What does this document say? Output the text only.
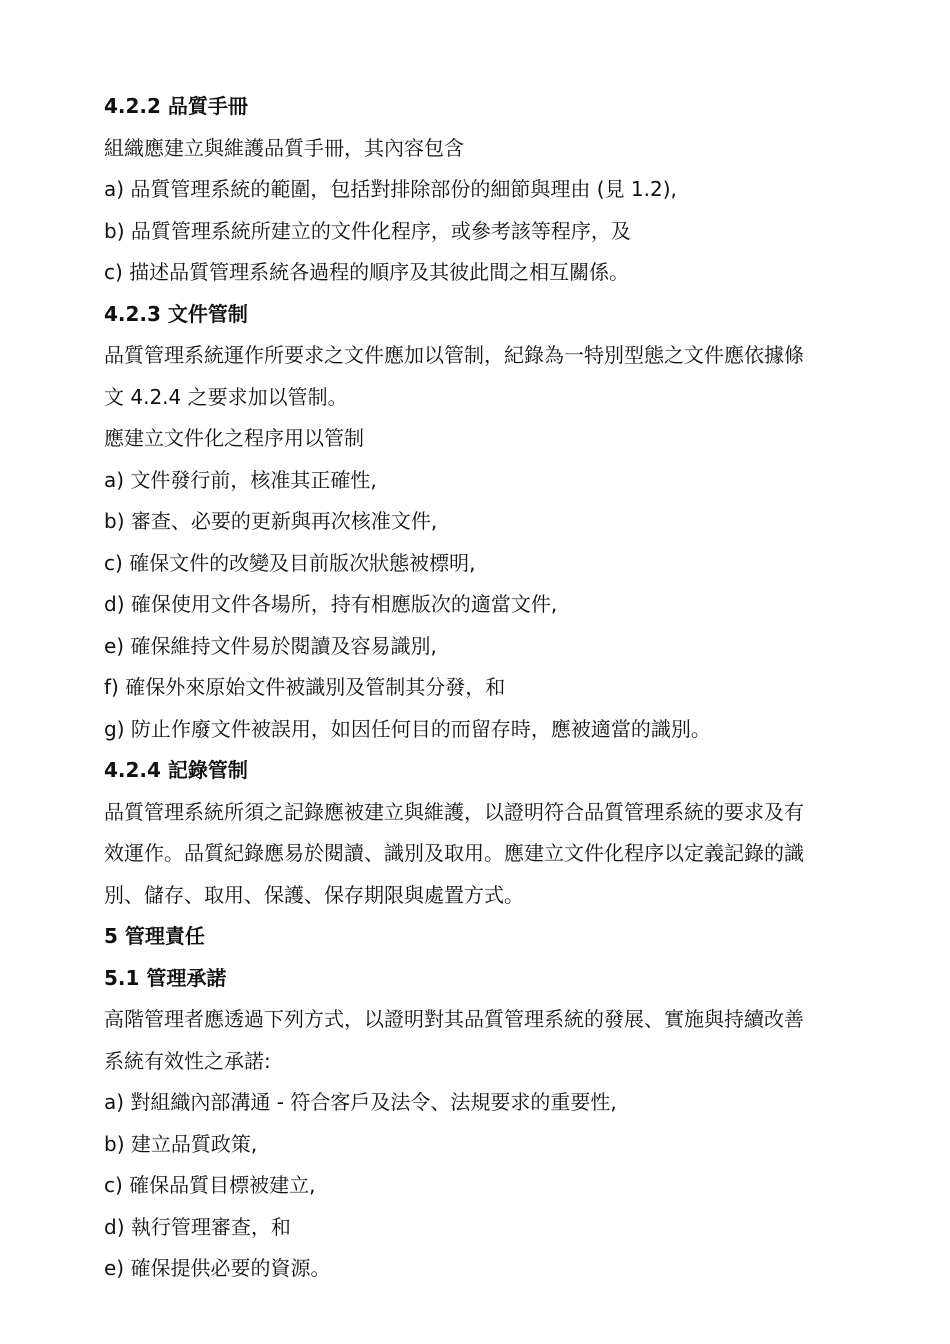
4.2.2 品質手冊
組織應建立與維護品質手冊，其內容包含
a) 品質管理系統的範圍，包括對排除部份的細節與理由 (見 1.2),
b) 品質管理系統所建立的文件化程序，或參考該等程序，及
c) 描述品質管理系統各過程的順序及其彼此間之相互關係。
4.2.3 文件管制
品質管理系統運作所要求之文件應加以管制，紀錄為一特別型態之文件應依據條
文 4.2.4 之要求加以管制。
應建立文件化之程序用以管制
a) 文件發行前，核准其正確性,
b) 審查、必要的更新與再次核准文件,
c) 確保文件的改變及目前版次狀態被標明,
d) 確保使用文件各場所，持有相應版次的適當文件,
e) 確保維持文件易於閱讀及容易識別,
f) 確保外來原始文件被識別及管制其分發，和
g) 防止作廢文件被誤用，如因任何目的而留存時，應被適當的識別。
4.2.4 記錄管制
品質管理系統所須之記錄應被建立與維護，以證明符合品質管理系統的要求及有
效運作。品質紀錄應易於閱讀、識別及取用。應建立文件化程序以定義記錄的識
別、儲存、取用、保護、保存期限與處置方式。
5 管理責任
5.1 管理承諾
高階管理者應透過下列方式，以證明對其品質管理系統的發展、實施與持續改善
系統有效性之承諾:
a) 對組織內部溝通 - 符合客戶及法令、法規要求的重要性,
b) 建立品質政策,
c) 確保品質目標被建立,
d) 執行管理審查，和
e) 確保提供必要的資源。
